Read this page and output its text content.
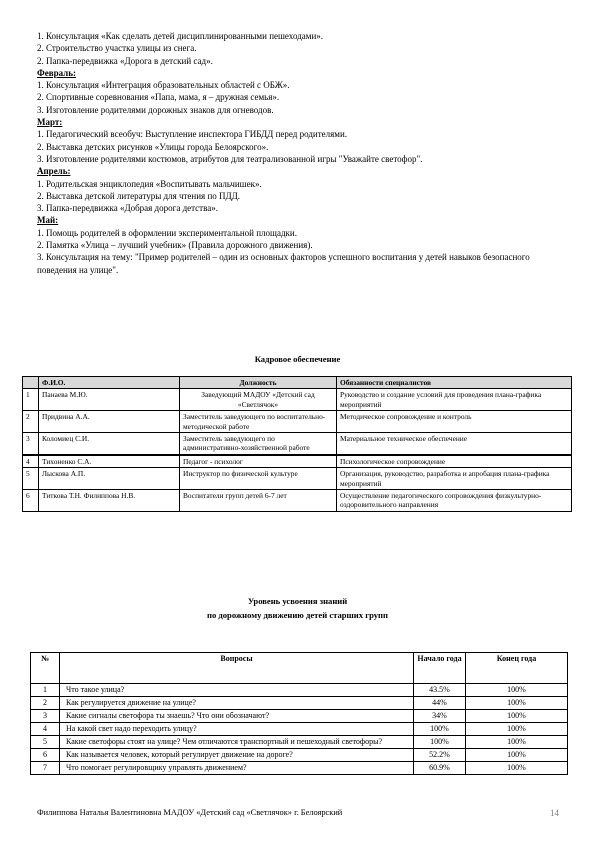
1. Консультация «Как сделать детей дисциплинированными пешеходами».
2. Строительство участка улицы из снега.
2. Папка-передвижка «Дорога в детский сад».
Февраль:
1. Консультация «Интеграция образовательных областей с ОБЖ».
2. Спортивные соревнования «Папа, мама, я – дружная семья».
3. Изготовление родителями дорожных знаков для огневодов.
Март:
1. Педагогический всеобуч: Выступление инспектора ГИБДД перед родителями.
2. Выставка детских рисунков «Улицы города Белоярского».
3. Изготовление родителями костюмов, атрибутов для театрализованной игры "Уважайте светофор".
Апрель:
1. Родительская энциклопедия «Воспитывать мальчишек».
2. Выставка детской литературы для чтения по ПДД.
3. Папка-передвижка «Добрая дорога детства».
Май:
1. Помощь родителей в оформлении экспериментальной площадки.
2. Памятка «Улица – лучший учебник» (Правила дорожного движения).
3. Консультация на тему: "Пример родителей – один из основных факторов успешного воспитания у детей навыков безопасного поведения на улице".
Кадровое обеспечение
	Ф.И.О.	Должность	Обязанности специалистов
1	Панаева М.Ю.	Заведующий МАДОУ «Детский сад «Светлячок»	Руководство и создание условий для проведения плана-графика мероприятий
2	Придвина А.А.	Заместитель заведующего по воспитательно-методической работе	Методическое сопровождение и контроль
3	Коломиец С.И.	Заместитель заведующего по административно-хозяйственной работе	Материальное техническое обеспечение
4	Тихоненко С.А.	Педагог - психолог	Психологическое сопровождение
5	Лыскова А.П.	Инструктор по физической культуре	Организация, руководство, разработка и апробация плана-графика мероприятий
6	Титкова Т.Н. Филиппова Н.В.	Воспитатели групп детей 6-7 лет	Осуществление педагогического сопровождения физкультурно-оздоровительного направления
Уровень усвоения знаний
по дорожному движению детей старших групп
№	Вопросы	Начало года	Конец года
1	Что такое улица?	43.5%	100%
2	Как регулируется движение на улице?	44%	100%
3	Какие сигналы светофора ты знаешь? Что они обозначают?	34%	100%
4	На какой свет надо переходить улицу?	100%	100%
5	Какие светофоры стоят на улице? Чем отличаются транспортный и пешеходный светофоры?	100%	100%
6	Как называется человек, который регулирует движение на дороге?	52.2%	100%
7	Что помогает регулировщику управлять движением?	60.9%	100%
Филиппова Наталья Валентиновна МАДОУ «Детский сад «Светлячок» г. Белоярский	14
